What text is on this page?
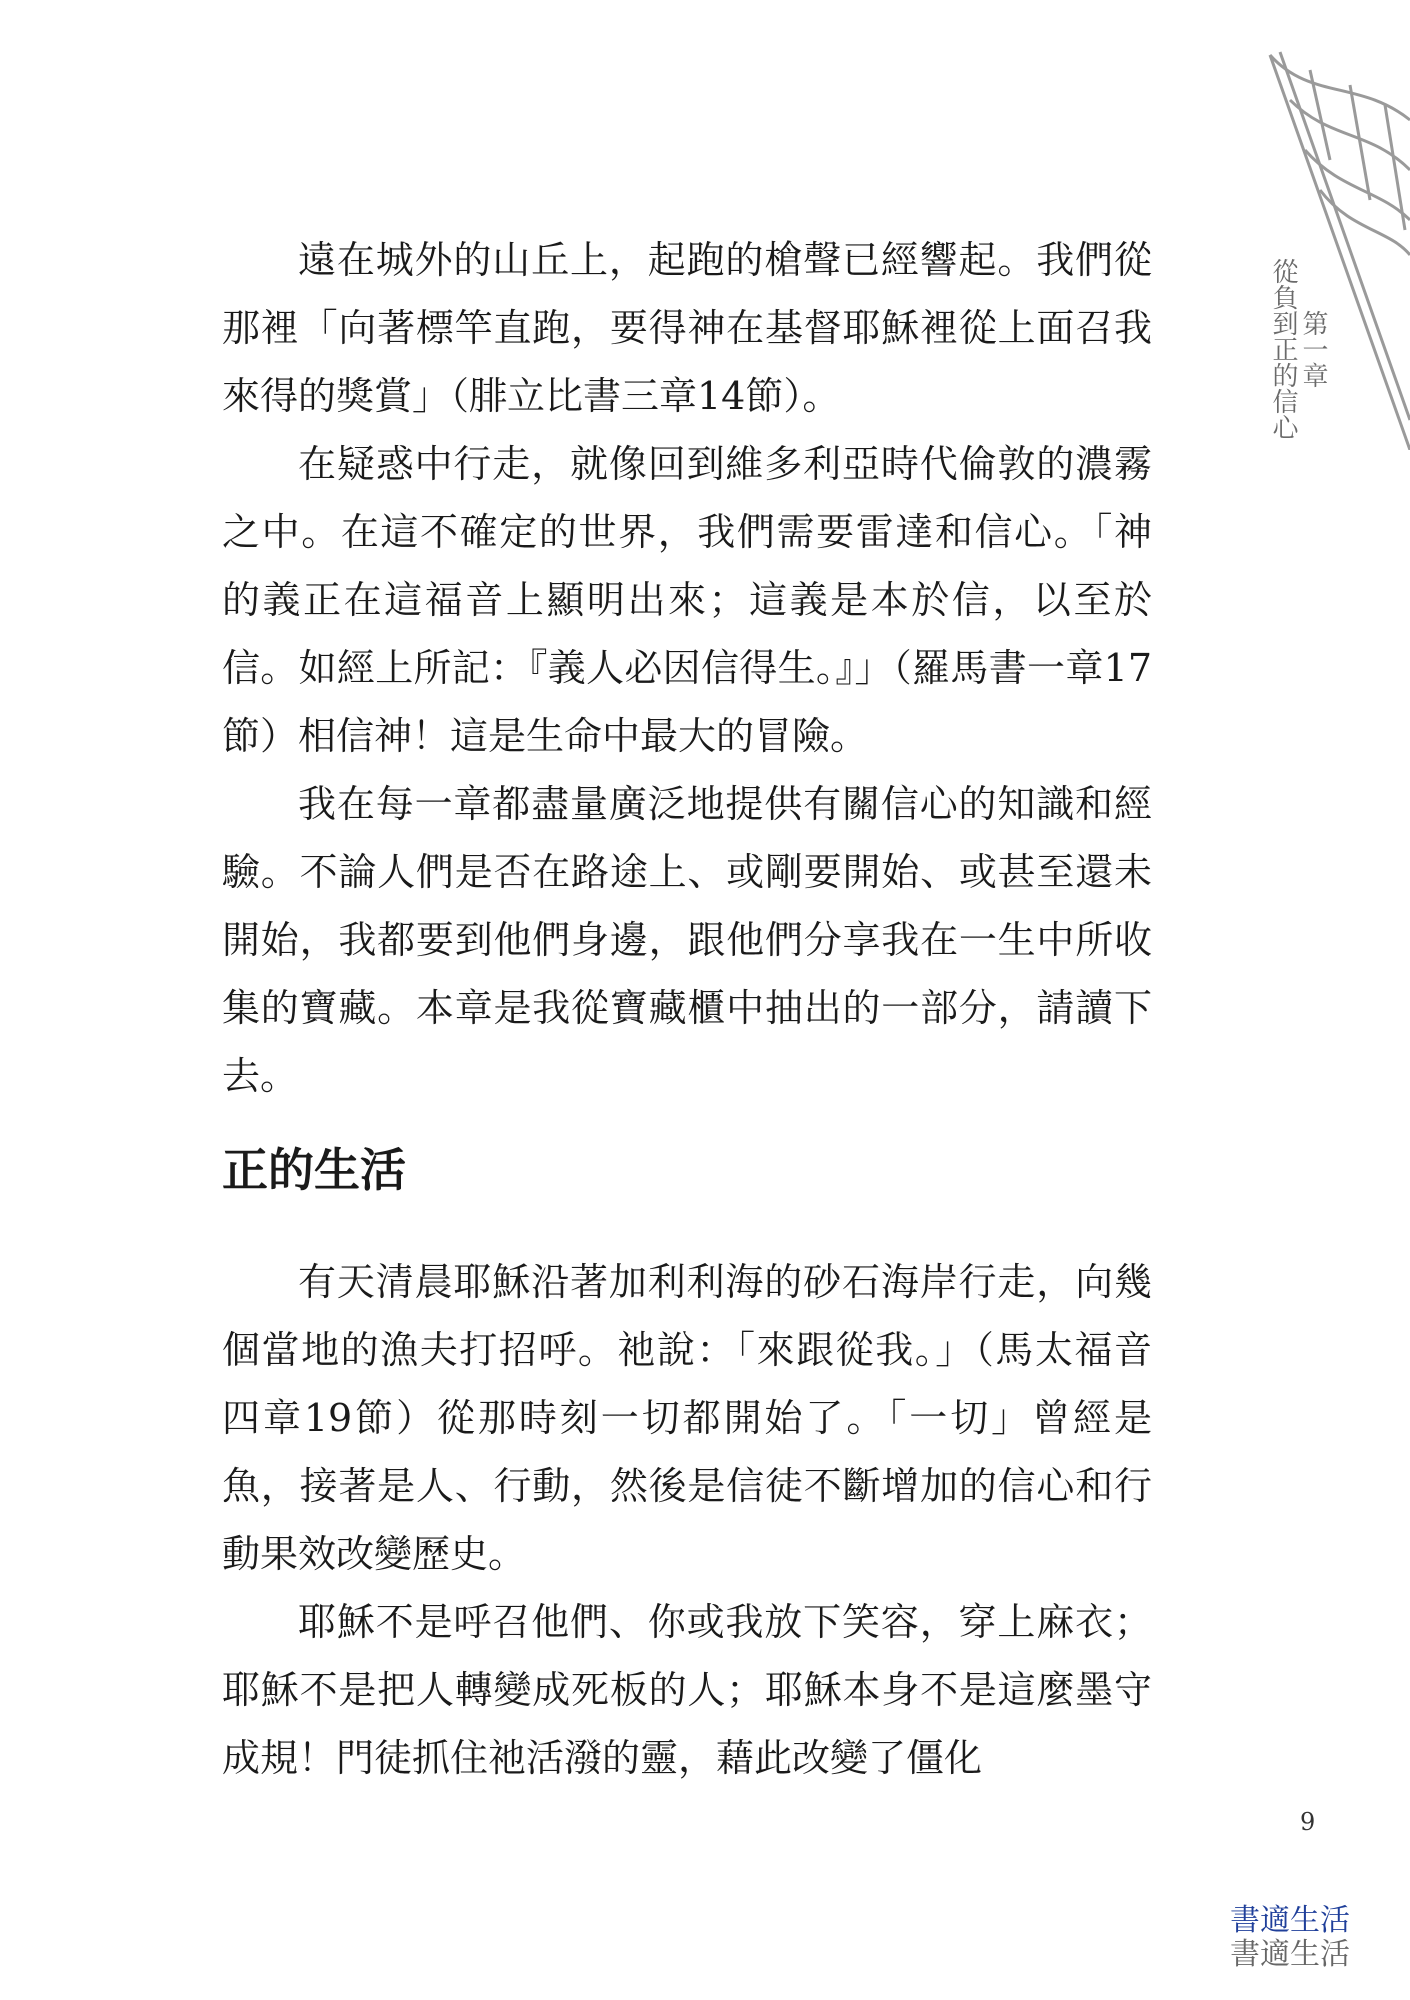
第一章
從負到正的信心

遠在城外的山丘上，起跑的槍聲已經響起。我們從那裡「向著標竿直跑，要得神在基督耶穌裡從上面召我來得的獎賞」（腓立比書三章14節）。

在疑惑中行走，就像回到維多利亞時代倫敦的濃霧之中。在這不確定的世界，我們需要雷達和信心。「神的義正在這福音上顯明出來；這義是本於信，以至於信。如經上所記：『義人必因信得生。』」（羅馬書一章17節）相信神！這是生命中最大的冒險。

我在每一章都盡量廣泛地提供有關信心的知識和經驗。不論人們是否在路途上、或剛要開始、或甚至還未開始，我都要到他們身邊，跟他們分享我在一生中所收集的寶藏。本章是我從寶藏櫃中抽出的一部分，請讀下去。

正的生活

有天清晨耶穌沿著加利利海的砂石海岸行走，向幾個當地的漁夫打招呼。祂說：「來跟從我。」（馬太福音四章19節）從那時刻一切都開始了。「一切」曾經是魚，接著是人、行動，然後是信徒不斷增加的信心和行動果效改變歷史。

耶穌不是呼召他們、你或我放下笑容，穿上麻衣；耶穌不是把人轉變成死板的人；耶穌本身不是這麼墨守成規！門徒抓住祂活潑的靈，藉此改變了僵化

9
書適生活
書適生活
